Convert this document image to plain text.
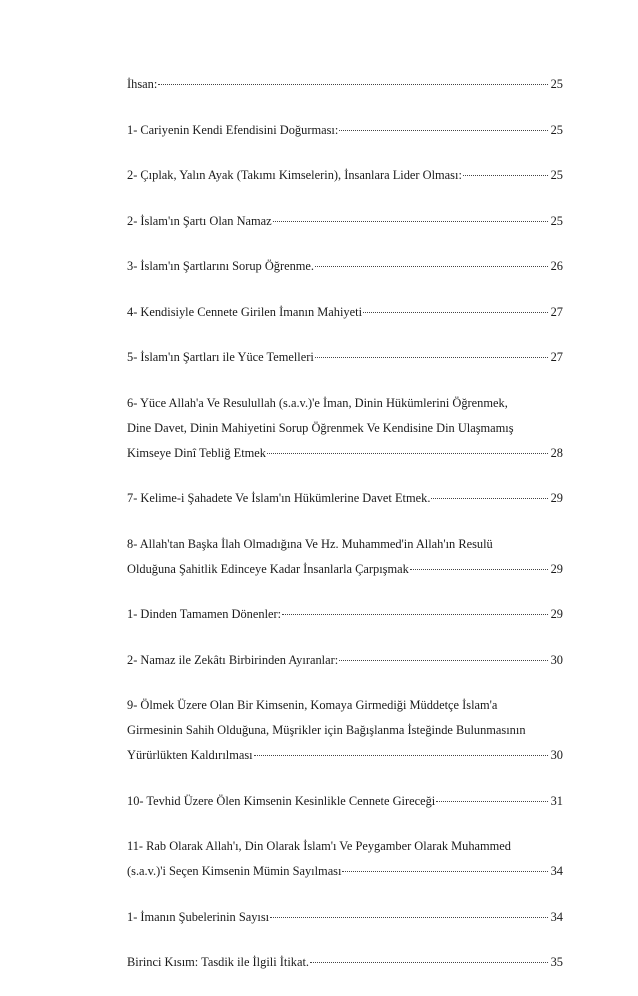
İhsan:	25
1- Cariyenin Kendi Efendisini Doğurması:	25
2- Çıplak, Yalın Ayak (Takımı Kimselerin), İnsanlara Lider Olması:	25
2- İslam'ın Şartı Olan Namaz	25
3- İslam'ın Şartlarını Sorup Öğrenme.	26
4- Kendisiyle Cennete Girilen İmanın Mahiyeti	27
5- İslam'ın Şartları ile Yüce Temelleri	27
6- Yüce Allah'a Ve Resulullah (s.a.v.)'e İman, Dinin Hükümlerini Öğrenmek,
Dine Davet, Dinin Mahiyetini Sorup Öğrenmek Ve Kendisine Din Ulaşmamış
Kimseye Dinî Tebliğ Etmek	28
7- Kelime-i Şahadete Ve İslam'ın Hükümlerine Davet Etmek.	29
8- Allah'tan Başka İlah Olmadığına Ve Hz. Muhammed'in Allah'ın Resulü
Olduğuna Şahitlik Edinceye Kadar İnsanlarla Çarpışmak	29
1- Dinden Tamamen Dönenler:	29
2- Namaz ile Zekâtı Birbirinden Ayıranlar:	30
9- Ölmek Üzere Olan Bir Kimsenin, Komaya Girmediği Müddetçe İslam'a
Girmesinin Sahih Olduğuna, Müşrikler için Bağışlanma İsteğinde Bulunmasının
Yürürlükten Kaldırılması	30
10- Tevhid Üzere Ölen Kimsenin Kesinlikle Cennete Gireceği	31
11- Rab Olarak Allah'ı, Din Olarak İslam'ı Ve Peygamber Olarak Muhammed
(s.a.v.)'i Seçen Kimsenin Mümin Sayılması	34
1- İmanın Şubelerinin Sayısı	34
Birinci Kısım: Tasdik ile İlgili İtikat.	35
